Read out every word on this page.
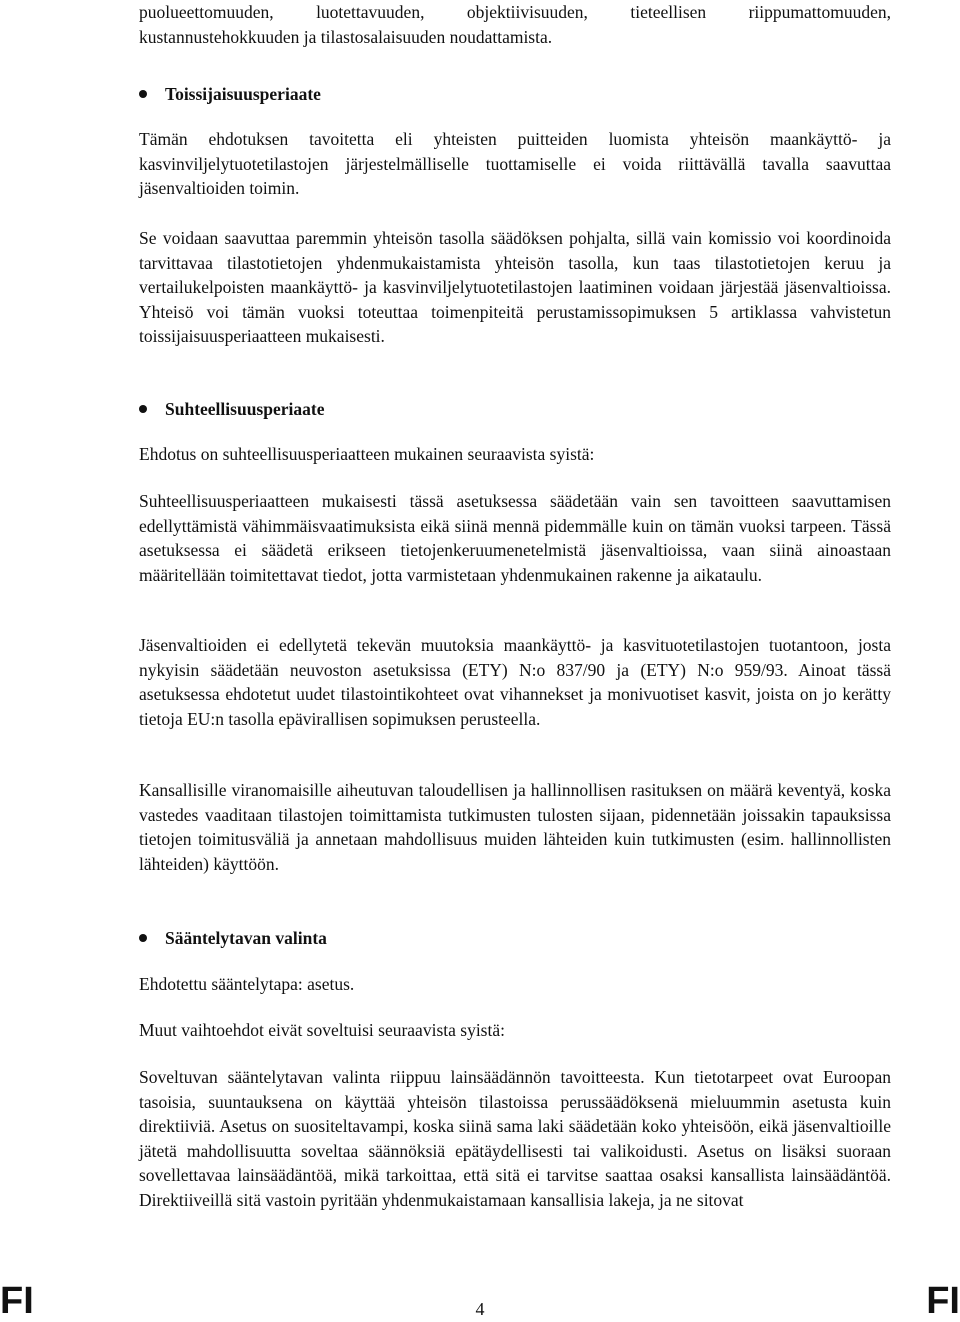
puolueettomuuden, luotettavuuden, objektiivisuuden, tieteellisen riippumattomuuden, kustannustehokkuuden ja tilastosalaisuuden noudattamista.

Toissijaisuusperiaate

Tämän ehdotuksen tavoitetta eli yhteisten puitteiden luomista yhteisön maankäyttö- ja kasvinviljelytuotetilastojen järjestelmälliselle tuottamiselle ei voida riittävällä tavalla saavuttaa jäsenvaltioiden toimin.

Se voidaan saavuttaa paremmin yhteisön tasolla säädöksen pohjalta, sillä vain komissio voi koordinoida tarvittavaa tilastotietojen yhdenmukaistamista yhteisön tasolla, kun taas tilastotietojen keruu ja vertailukelpoisten maankäyttö- ja kasvinviljelytuotetilastojen laatiminen voidaan järjestää jäsenvaltioissa. Yhteisö voi tämän vuoksi toteuttaa toimenpiteitä perustamissopimuksen 5 artiklassa vahvistetun toissijaisuusperiaatteen mukaisesti.

Suhteellisuusperiaate

Ehdotus on suhteellisuusperiaatteen mukainen seuraavista syistä:

Suhteellisuusperiaatteen mukaisesti tässä asetuksessa säädetään vain sen tavoitteen saavuttamisen edellyttämistä vähimmäisvaatimuksista eikä siinä mennä pidemmälle kuin on tämän vuoksi tarpeen. Tässä asetuksessa ei säädetä erikseen tietojenkeruumenetelmistä jäsenvaltioissa, vaan siinä ainoastaan määritellään toimitettavat tiedot, jotta varmistetaan yhdenmukainen rakenne ja aikataulu.

Jäsenvaltioiden ei edellytetä tekevän muutoksia maankäyttö- ja kasvituotetilastojen tuotantoon, josta nykyisin säädetään neuvoston asetuksissa (ETY) N:o 837/90 ja (ETY) N:o 959/93. Ainoat tässä asetuksessa ehdotetut uudet tilastointikohteet ovat vihannekset ja monivuotiset kasvit, joista on jo kerätty tietoja EU:n tasolla epävirallisen sopimuksen perusteella.

Kansallisille viranomaisille aiheutuvan taloudellisen ja hallinnollisen rasituksen on määrä keventyä, koska vastedes vaaditaan tilastojen toimittamista tutkimusten tulosten sijaan, pidennetään joissakin tapauksissa tietojen toimitusväliä ja annetaan mahdollisuus muiden lähteiden kuin tutkimusten (esim. hallinnollisten lähteiden) käyttöön.

Sääntelytavan valinta

Ehdotettu sääntelytapa: asetus.

Muut vaihtoehdot eivät soveltuisi seuraavista syistä:

Soveltuvan sääntelytavan valinta riippuu lainsäädännön tavoitteesta. Kun tietotarpeet ovat Euroopan tasoisia, suuntauksena on käyttää yhteisön tilastoissa perussäädöksenä mieluummin asetusta kuin direktiiviä. Asetus on suositeltavampi, koska siinä sama laki säädetään koko yhteisöön, eikä jäsenvaltioille jätetä mahdollisuutta soveltaa säännöksiä epätäydellisesti tai valikoidusti. Asetus on lisäksi suoraan sovellettavaa lainsäädäntöä, mikä tarkoittaa, että sitä ei tarvitse saattaa osaksi kansallista lainsäädäntöä. Direktiiveillä sitä vastoin pyritään yhdenmukaistamaan kansallisia lakeja, ja ne sitovat

FI	4	FI
